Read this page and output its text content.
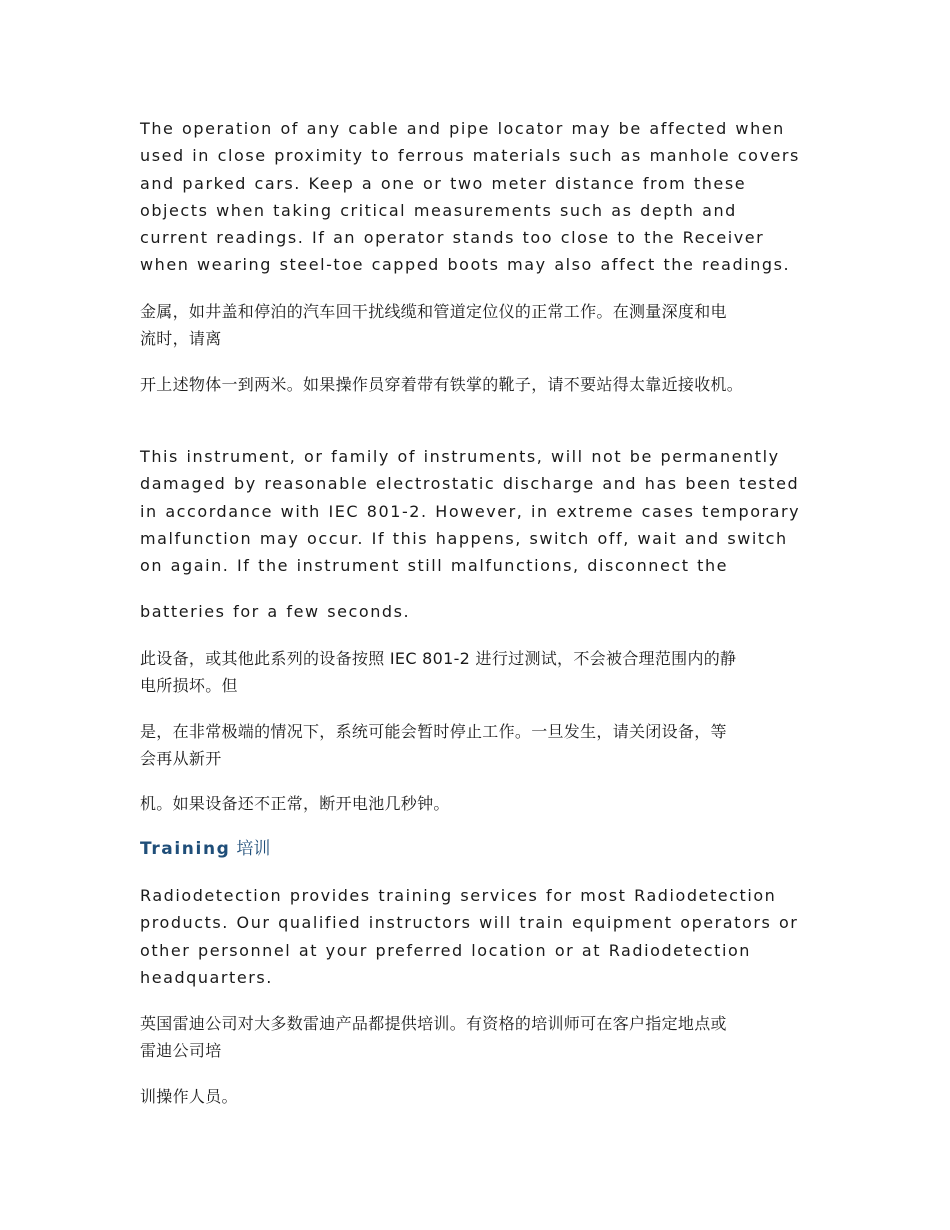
The operation of any cable and pipe locator may be affected when
used in close proximity to ferrous materials such as manhole covers
and parked cars. Keep a one or two meter distance from these
objects when taking critical measurements such as depth and
current readings. If an operator stands too close to the Receiver
when wearing steel-toe capped boots may also affect the readings.
金属，如井盖和停泊的汽车回干扰线缆和管道定位仪的正常工作。在测量深度和电
流时，请离
开上述物体一到两米。如果操作员穿着带有铁掌的靴子，请不要站得太靠近接收机。
This instrument, or family of instruments, will not be permanently
damaged by reasonable electrostatic discharge and has been tested
in accordance with IEC 801-2. However, in extreme cases temporary
malfunction may occur. If this happens, switch off, wait and switch
on again. If the instrument still malfunctions, disconnect the
batteries for a few seconds.
此设备，或其他此系列的设备按照 IEC 801-2 进行过测试，不会被合理范围内的静
电所损坏。但
是，在非常极端的情况下，系统可能会暂时停止工作。一旦发生，请关闭设备，等
会再从新开
机。如果设备还不正常，断开电池几秒钟。
Training 培训
Radiodetection provides training services for most Radiodetection
products. Our qualified instructors will train equipment operators or
other personnel at your preferred location or at Radiodetection
headquarters.
英国雷迪公司对大多数雷迪产品都提供培训。有资格的培训师可在客户指定地点或
雷迪公司培
训操作人员。
